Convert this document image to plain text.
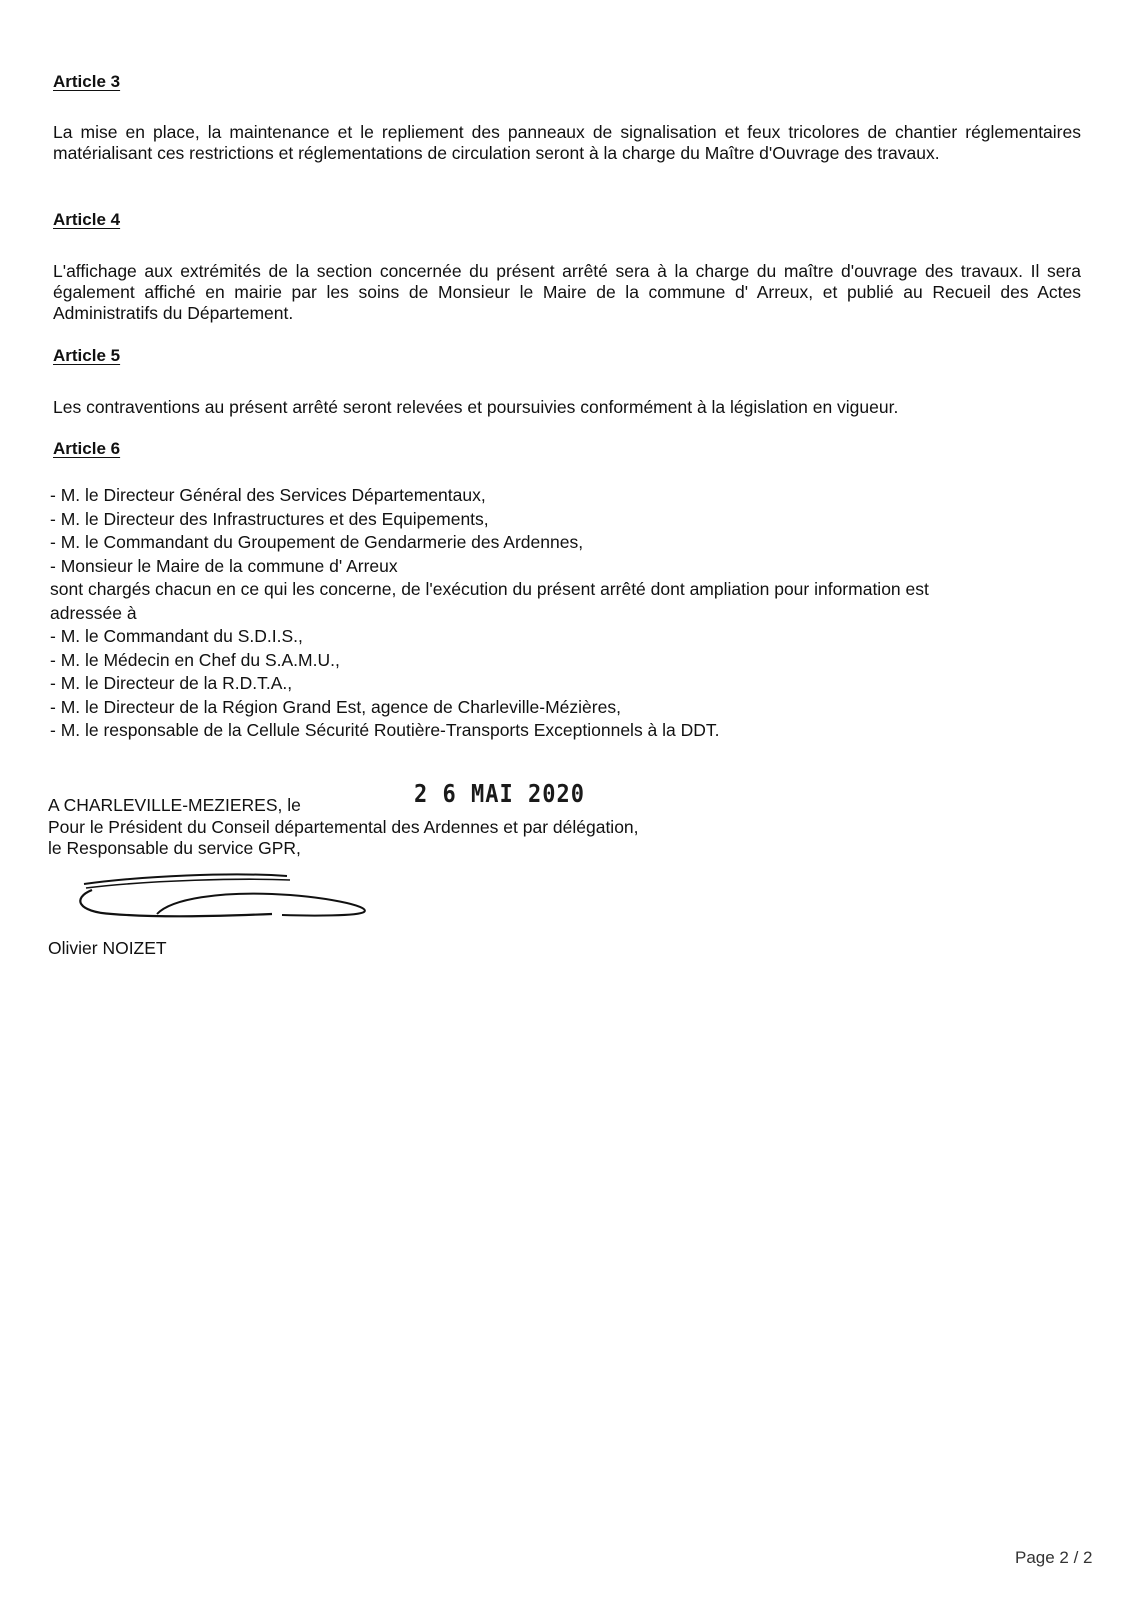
Article 3

La mise en place, la maintenance et le repliement des panneaux de signalisation et feux tricolores de chantier réglementaires matérialisant ces restrictions et réglementations de circulation seront à la charge du Maître d'Ouvrage des travaux.

Article 4

L'affichage aux extrémités de la section concernée du présent arrêté sera à la charge du maître d'ouvrage des travaux. Il sera également affiché en mairie par les soins de Monsieur le Maire de la commune d' Arreux, et publié au Recueil des Actes Administratifs du Département.

Article 5

Les contraventions au présent arrêté seront relevées et poursuivies conformément à la législation en vigueur.

Article 6
- M. le Directeur Général des Services Départementaux,
- M. le Directeur des Infrastructures et des Equipements,
- M. le Commandant du Groupement de Gendarmerie des Ardennes,
- Monsieur le Maire de la commune d' Arreux
sont chargés chacun en ce qui les concerne, de l'exécution du présent arrêté dont ampliation pour information est adressée à
- M. le Commandant du S.D.I.S.,
- M. le Médecin en Chef du S.A.M.U.,
- M. le Directeur de la R.D.T.A.,
- M. le Directeur de la Région Grand Est, agence de Charleville-Mézières,
- M. le responsable de la Cellule Sécurité Routière-Transports Exceptionnels à la DDT.
2 6 MAI 2020
A CHARLEVILLE-MEZIERES, le
Pour le Président du Conseil départemental des Ardennes et par délégation,
le Responsable du service GPR,
Olivier NOIZET
Page 2 / 2
